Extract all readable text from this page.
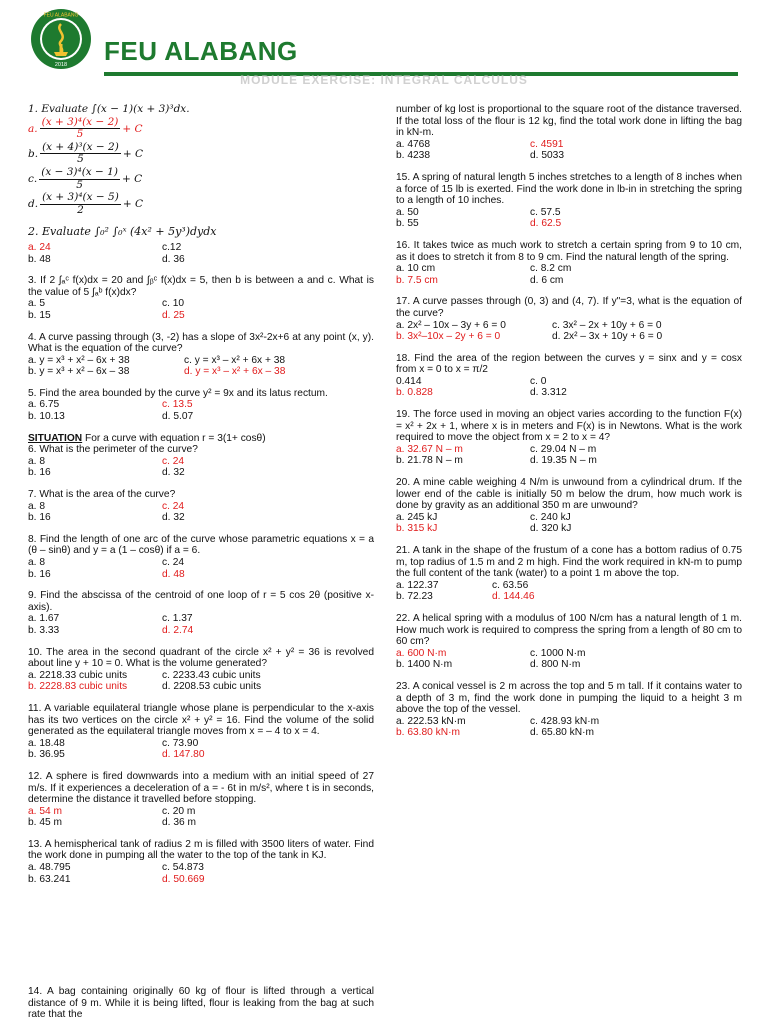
FEU ALABANG
2018 FEU ALABANG
MODULE EXERCISE: INTEGRAL CALCULUS
1. Evaluate ∫(x − 1)(x + 3)³dx.
a. $\frac{\text{(x + 3)⁴(x − 2)}}{5} + C$
b. $\frac{\text{(x + 4)³(x − 2)}}{5} + C$
c. $\frac{\text{(x − 3)⁴(x − 1)}}{5} + C$
d. $\frac{\text{(x + 3)⁴(x − 5)}}{2} + C$
2. Evaluate ∫₀² ∫₀ˣ (4x² + 5y³)dydx
a. 24	c.12
b. 48	d. 36
3. If 2 ∫ₐᶜ f(x)dx = 20 and ∫ᵦᶜ f(x)dx = 5, then b is between a and c. What is the value of 5 ∫ₐᵇ f(x)dx?
a. 5	c. 10
b. 15	d. 25
4. A curve passing through (3, -2) has a slope of 3x²-2x+6 at any point (x, y). What is the equation of the curve?
a. y = x³ + x² – 6x + 38	c. y = x³ – x² + 6x + 38
b. y = x³ + x² – 6x – 38	d. y = x³ – x² + 6x – 38
5. Find the area bounded by the curve y² = 9x and its latus rectum.
a. 6.75	c. 13.5
b. 10.13	d. 5.07
SITUATION For a curve with equation r = 3(1+ cosθ)
6. What is the perimeter of the curve?
a. 8	c. 24
b. 16	d. 32
7. What is the area of the curve?
a. 8	c. 24
b. 16	d. 32
8. Find the length of one arc of the curve whose parametric equations x = a (θ – sinθ) and y = a (1 – cosθ) if a = 6.
a. 8	c. 24
b. 16	d. 48
9. Find the abscissa of the centroid of one loop of r = 5 cos 2θ (positive x-axis).
a. 1.67	c. 1.37
b. 3.33	d. 2.74
10. The area in the second quadrant of the circle x² + y² = 36 is revolved about line y + 10 = 0. What is the volume generated?
a. 2218.33 cubic units	c. 2233.43 cubic units
b. 2228.83 cubic units	d. 2208.53 cubic units
11. A variable equilateral triangle whose plane is perpendicular to the x-axis has its two vertices on the circle x² + y² = 16. Find the volume of the solid generated as the equilateral triangle moves from x = – 4 to x = 4.
a. 18.48	c. 73.90
b. 36.95	d. 147.80
12. A sphere is fired downwards into a medium with an initial speed of 27 m/s. If it experiences a deceleration of a = - 6t in m/s², where t is in seconds, determine the distance it travelled before stopping.
a. 54 m	c. 20 m
b. 45 m	d. 36 m
13. A hemispherical tank of radius 2 m is filled with 3500 liters of water. Find the work done in pumping all the water to the top of the tank in KJ.
a. 48.795	c. 54.873
b. 63.241	d. 50.669
14. A bag containing originally 60 kg of flour is lifted through a vertical distance of 9 m. While it is being lifted, flour is leaking from the bag at such rate that the
number of kg lost is proportional to the square root of the distance traversed. If the total loss of the flour is 12 kg, find the total work done in lifting the bag in kN-m.
a. 4768	c. 4591
b. 4238	d. 5033
15. A spring of natural length 5 inches stretches to a length of 8 inches when a force of 15 lb is exerted. Find the work done in lb-in in stretching the spring to a length of 10 inches.
a. 50	c. 57.5
b. 55	d. 62.5
16. It takes twice as much work to stretch a certain spring from 9 to 10 cm, as it does to stretch it from 8 to 9 cm. Find the natural length of the spring.
a. 10 cm	c. 8.2 cm
b. 7.5 cm	d. 6 cm
17. A curve passes through (0, 3) and (4, 7). If y"=3, what is the equation of the curve?
a. 2x² – 10x – 3y + 6 = 0	c. 3x² – 2x + 10y + 6 = 0
b. 3x²–10x – 2y + 6 = 0	d. 2x² – 3x + 10y + 6 = 0
18. Find the area of the region between the curves y = sinx and y = cosx from x = 0 to x = π/2
0.414	c. 0
b. 0.828	d. 3.312
19. The force used in moving an object varies according to the function F(x) = x² + 2x + 1, where x is in meters and F(x) is in Newtons. What is the work required to move the object from x = 2 to x = 4?
a. 32.67 N – m	c. 29.04 N – m
b. 21.78 N – m	d. 19.35 N – m
20. A mine cable weighing 4 N/m is unwound from a cylindrical drum. If the lower end of the cable is initially 50 m below the drum, how much work is done by gravity as an additional 350 m are unwound?
a. 245 kJ	c. 240 kJ
b. 315 kJ	d. 320 kJ
21. A tank in the shape of the frustum of a cone has a bottom radius of 0.75 m, top radius of 1.5 m and 2 m high. Find the work required in kN-m to pump the full content of the tank (water) to a point 1 m above the top.
a. 122.37	c. 63.56
b. 72.23	d. 144.46
22. A helical spring with a modulus of 100 N/cm has a natural length of 1 m. How much work is required to compress the spring from a length of 80 cm to 60 cm?
a. 600 N·m	c. 1000 N·m
b. 1400 N·m	d. 800 N·m
23. A conical vessel is 2 m across the top and 5 m tall. If it contains water to a depth of 3 m, find the work done in pumping the liquid to a height 3 m above the top of the vessel.
a. 222.53 kN·m	c. 428.93 kN·m
b. 63.80 kN·m	d. 65.80 kN·m
